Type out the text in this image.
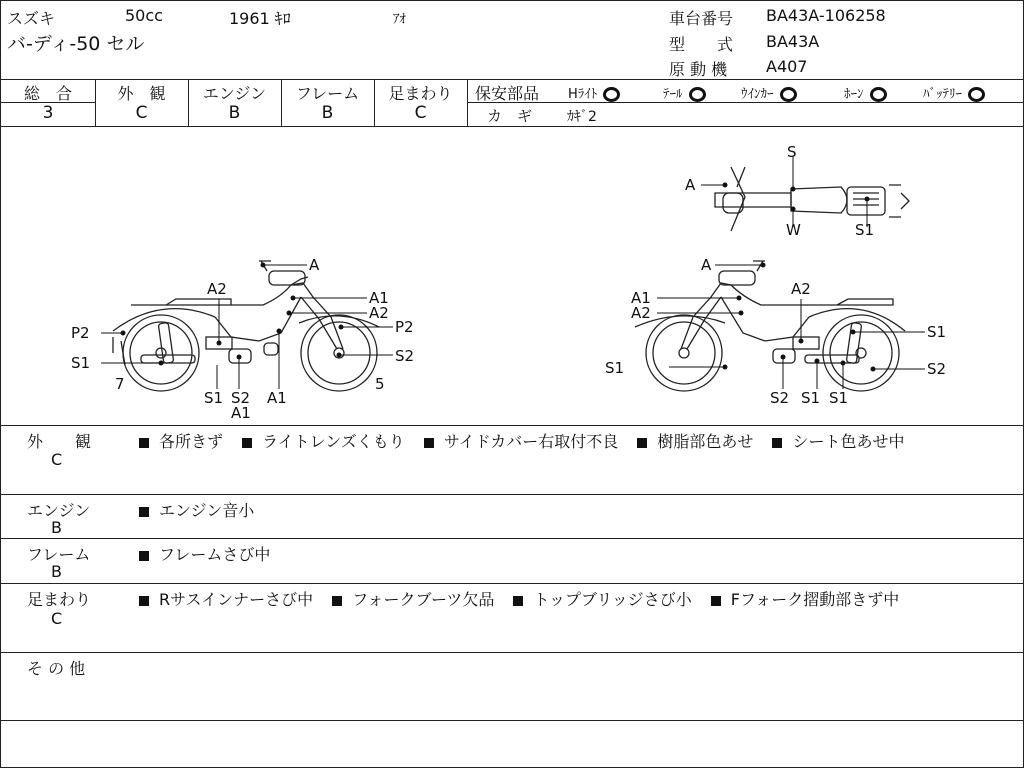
スズキ	50cc	1961 ｷﾛ	ｱｵ
バ-ディ-50 セル
車台番号 BA43A-106258
型　　式 BA43A
原 動 機 A407
総　合	外　観	エンジン	フレーム	足まわり
3	C	B	B	C
保安部品 Hﾗｲﾄ	ﾃｰﾙ	ｳｲﾝｶｰ	ﾎｰﾝ	ﾊﾞｯﾃﾘｰ
カ　ギ ｶｷﾞ2
A
A2	A1
A2
P2	P2
S1	S2
7	5
S1 S2 A1
A1
A
A1
A2
A2
S1
S1	S2
S2 S1 S1
S
A
W	S1
外　　観
C
各所きず ライトレンズくもり サイドカバー右取付不良 樹脂部色あせ シート色あせ中
エンジン
B
エンジン音小
フレーム
B
フレームさび中
足まわり
C
Rサスインナーさび中 フォークブーツ欠品 トップブリッジさび小 Fフォーク摺動部きず中
そ の 他
